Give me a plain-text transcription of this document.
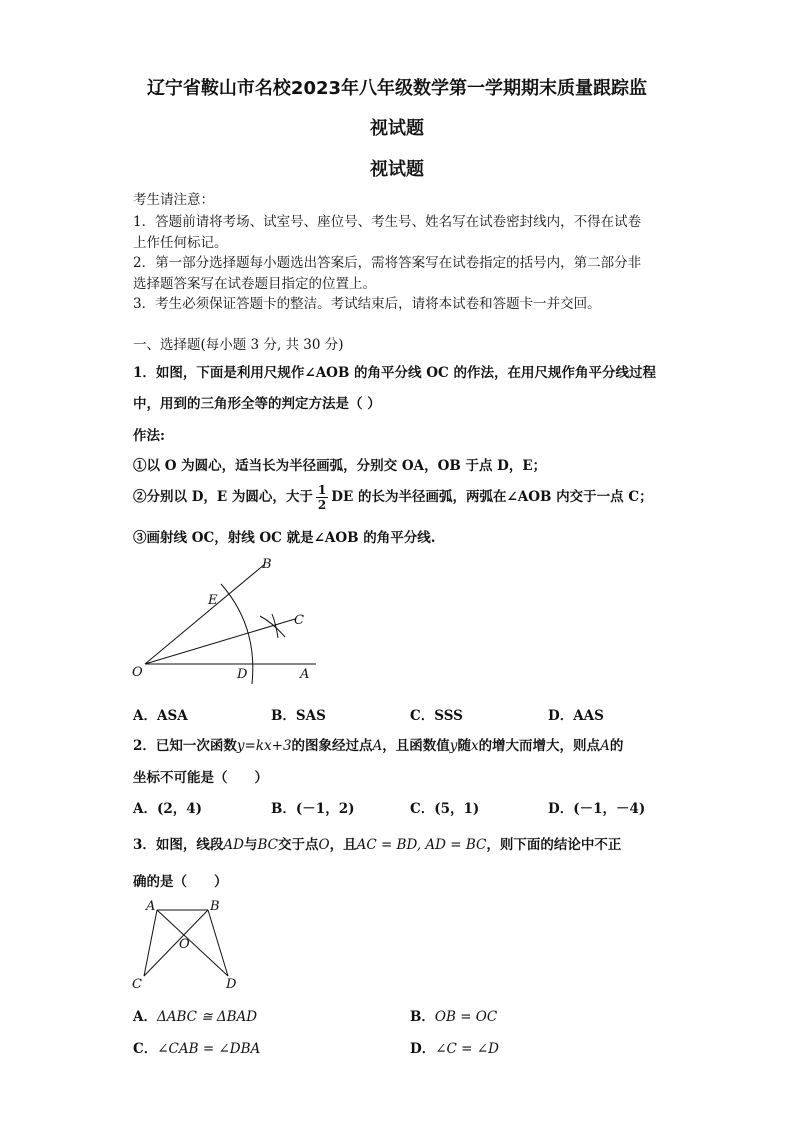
辽宁省鞍山市名校2023年八年级数学第一学期期末质量跟踪监
视试题
视试题
考生请注意：
1．答题前请将考场、试室号、座位号、考生号、姓名写在试卷密封线内，不得在试卷
上作任何标记。
2．第一部分选择题每小题选出答案后，需将答案写在试卷指定的括号内，第二部分非
选择题答案写在试卷题目指定的位置上。
3．考生必须保证答题卡的整洁。考试结束后，请将本试卷和答题卡一并交回。
一、选择题(每小题 3 分, 共 30 分)
1．如图，下面是利用尺规作∠AOB 的角平分线 OC 的作法，在用尺规作角平分线过程
中，用到的三角形全等的判定方法是（ ）
作法:
①以 O 为圆心，适当长为半径画弧，分别交 OA，OB 于点 D，E；
②分别以 D，E 为圆心，大于 $\frac{1}{2}$ DE 的长为半径画弧，两弧在∠AOB 内交于一点 C；
③画射线 OC，射线 OC 就是∠AOB 的角平分线.
B
E
C
O	D	A
A．ASA	B．SAS	C．SSS	D．AAS
2．已知一次函数y=kx+3的图象经过点A，且函数值y随x的增大而增大，则点A的
坐标不可能是（　　）
A．(2，4)	B．(－1，2)	C．(5，1)	D．(－1，－4)
3．如图，线段AD与BC交于点O，且AC = BD, AD = BC，则下面的结论中不正
确的是（　　）
A	B
O
C	D
A．ΔABC ≅ ΔBAD	B．OB = OC
C．∠CAB = ∠DBA	D．∠C = ∠D
